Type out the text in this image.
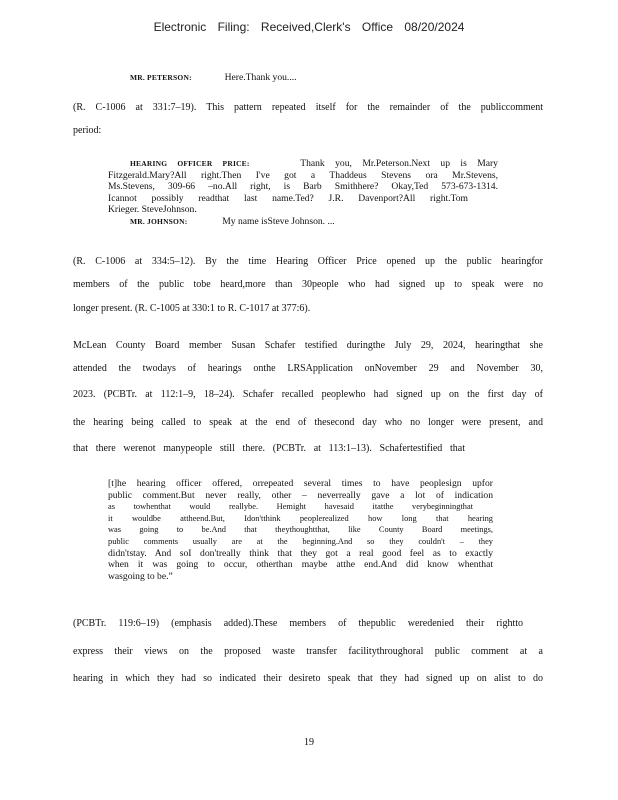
Electronic Filing: Received,Clerk's Office 08/20/2024
MR. PETERSON:	Here.Thank you....
(R. C-1006 at 331:7–19). This pattern repeated itself for the remainder of the publiccomment
period:
HEARING OFFICER PRICE:	Thank you, Mr.Peterson.Next up is Mary
Fitzgerald.Mary?All right.Then I've got a Thaddeus Stevens ora Mr.Stevens,
Ms.Stevens, 309-66 –no.All right, is Barb Smithhere? Okay,Ted 573-673-1314.
Icannot possibly readthat last name.Ted? J.R. Davenport?All right.Tom
Krieger. SteveJohnson.
MR. JOHNSON:	My name isSteve Johnson. ...
(R. C-1006 at 334:5–12). By the time Hearing Officer Price opened up the public hearingfor
members of the public tobe heard,more than 30people who had signed up to speak were no
longer present. (R. C-1005 at 330:1 to R. C-1017 at 377:6).
McLean County Board member Susan Schafer testified duringthe July 29, 2024, hearingthat she
attended the twodays of hearings onthe LRSApplication onNovember 29 and November 30,
2023. (PCBTr. at 112:1–9, 18–24). Schafer recalled peoplewho had signed up on the first day of
the hearing being called to speak at the end of thesecond day who no longer were present, and
that there werenot manypeople still there. (PCBTr. at 113:1–13). Schafertestified that
[t]he hearing officer offered, orrepeated several times to have peoplesign upfor
public comment.But never really, other – neverreally gave a lot of indication
as towhenthat would reallybe. Hemight havesaid itatthe verybeginningthat
it wouldbe attheend.But, Idon'tthink peoplerealized how long that hearing
was going to be.And that theythoughtthat, like County Board meetings,
public comments usually are at the beginning.And so they couldn't – they
didn'tstay. And soI don'treally think that they got a real good feel as to exactly
when it was going to occur, otherthan maybe atthe end.And did know whenthat
wasgoing to be.”
(PCBTr. 119:6–19) (emphasis added).These members of thepublic weredenied their rightto
express their views on the proposed waste transfer facilitythroughoral public comment at a
hearing in which they had so indicated their desireto speak that they had signed up on alist to do
19
